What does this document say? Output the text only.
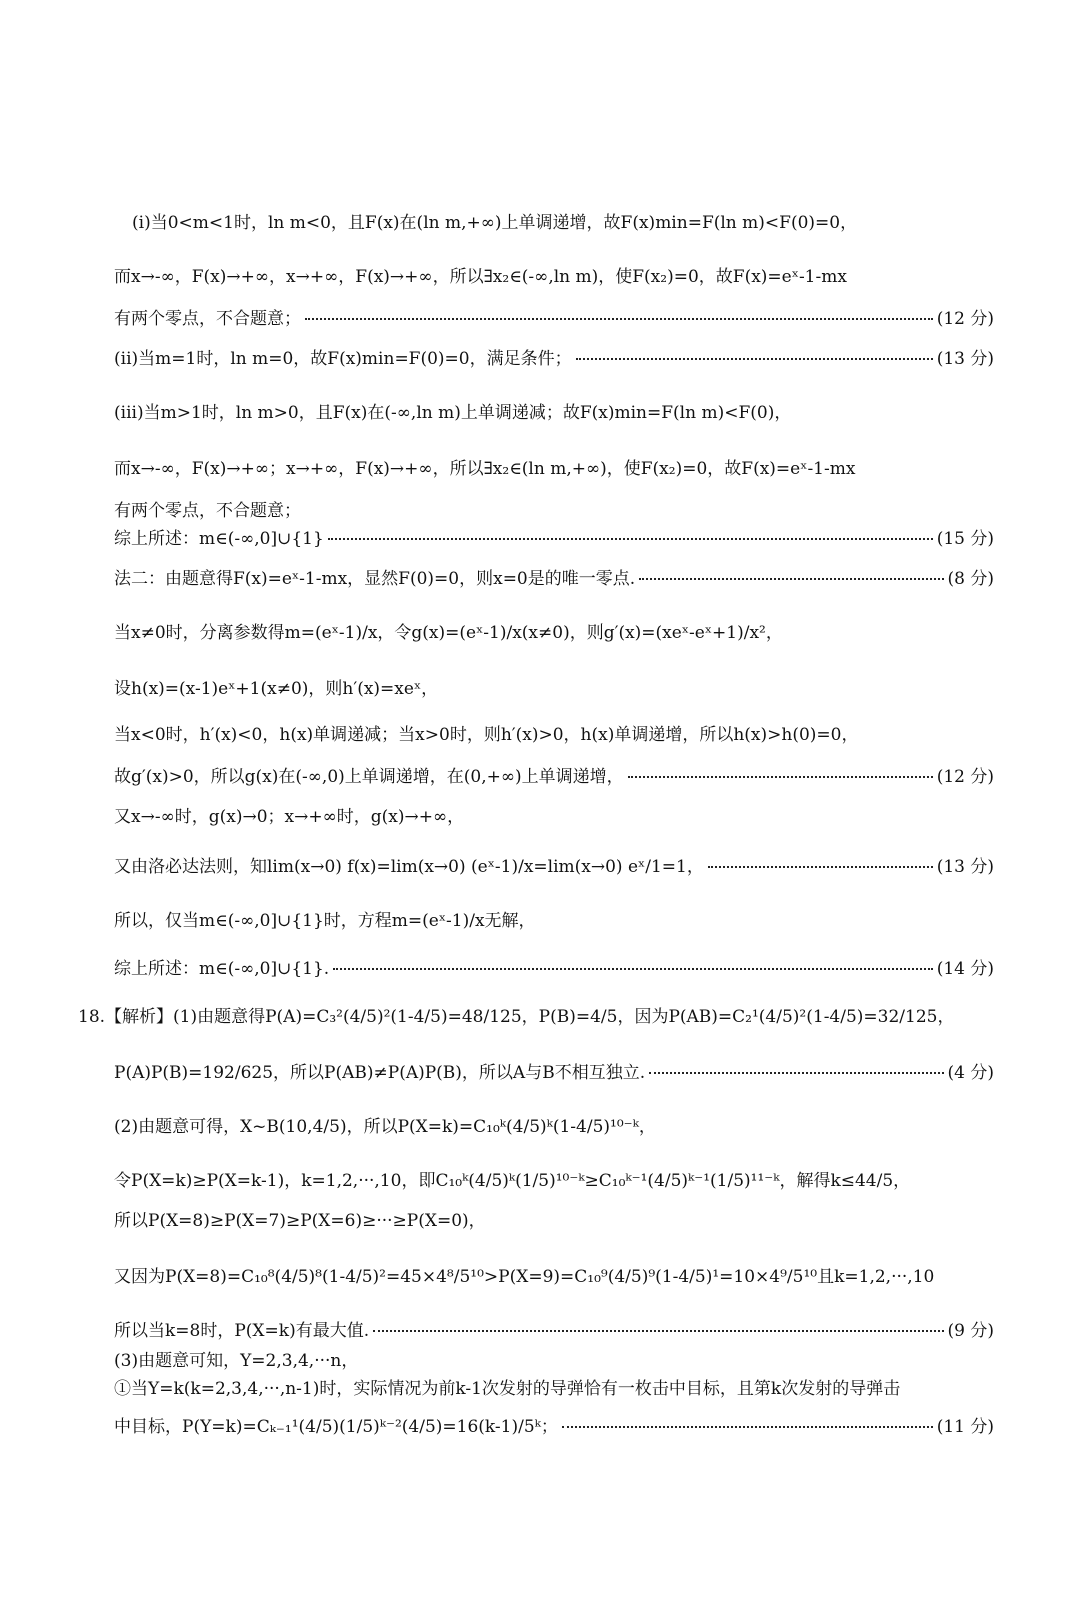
(i)当0<m<1时，ln m<0，且F(x)在(ln m,+∞)上单调递增，故F(x)min=F(ln m)<F(0)=0，
而x→-∞，F(x)→+∞，x→+∞，F(x)→+∞，所以∃x₂∈(-∞,ln m)，使F(x₂)=0，故F(x)=eˣ-1-mx
有两个零点，不合题意；	(12 分)
(ii)当m=1时，ln m=0，故F(x)min=F(0)=0，满足条件；	(13 分)
(iii)当m>1时，ln m>0，且F(x)在(-∞,ln m)上单调递减；故F(x)min=F(ln m)<F(0)，
而x→-∞，F(x)→+∞；x→+∞，F(x)→+∞，所以∃x₂∈(ln m,+∞)，使F(x₂)=0，故F(x)=eˣ-1-mx
有两个零点，不合题意；
综上所述：m∈(-∞,0]∪{1}	(15 分)
法二：由题意得F(x)=eˣ-1-mx，显然F(0)=0，则x=0是的唯一零点.	(8 分)
当x≠0时，分离参数得m=(eˣ-1)/x，令g(x)=(eˣ-1)/x(x≠0)，则g′(x)=(xeˣ-eˣ+1)/x²，
设h(x)=(x-1)eˣ+1(x≠0)，则h′(x)=xeˣ，
当x<0时，h′(x)<0，h(x)单调递减；当x>0时，则h′(x)>0，h(x)单调递增，所以h(x)>h(0)=0，
故g′(x)>0，所以g(x)在(-∞,0)上单调递增，在(0,+∞)上单调递增，	(12 分)
又x→-∞时，g(x)→0；x→+∞时，g(x)→+∞，
又由洛必达法则，知lim(x→0) f(x)=lim(x→0) (eˣ-1)/x=lim(x→0) eˣ/1=1，	(13 分)
所以，仅当m∈(-∞,0]∪{1}时，方程m=(eˣ-1)/x无解，
综上所述：m∈(-∞,0]∪{1}.	(14 分)
18.【解析】(1)由题意得P(A)=C₃²(4/5)²(1-4/5)=48/125，P(B)=4/5，因为P(AB)=C₂¹(4/5)²(1-4/5)=32/125，
P(A)P(B)=192/625，所以P(AB)≠P(A)P(B)，所以A与B不相互独立.	(4 分)
(2)由题意可得，X~B(10,4/5)，所以P(X=k)=C₁₀ᵏ(4/5)ᵏ(1-4/5)¹⁰⁻ᵏ，
令P(X=k)≥P(X=k-1)，k=1,2,···,10，即C₁₀ᵏ(4/5)ᵏ(1/5)¹⁰⁻ᵏ≥C₁₀ᵏ⁻¹(4/5)ᵏ⁻¹(1/5)¹¹⁻ᵏ，解得k≤44/5，
所以P(X=8)≥P(X=7)≥P(X=6)≥···≥P(X=0)，
又因为P(X=8)=C₁₀⁸(4/5)⁸(1-4/5)²=45×4⁸/5¹⁰>P(X=9)=C₁₀⁹(4/5)⁹(1-4/5)¹=10×4⁹/5¹⁰且k=1,2,···,10
所以当k=8时，P(X=k)有最大值.	(9 分)
(3)由题意可知，Y=2,3,4,···n，
①当Y=k(k=2,3,4,···,n-1)时，实际情况为前k-1次发射的导弹恰有一枚击中目标，且第k次发射的导弹击
中目标，P(Y=k)=Cₖ₋₁¹(4/5)(1/5)ᵏ⁻²(4/5)=16(k-1)/5ᵏ；	(11 分)
